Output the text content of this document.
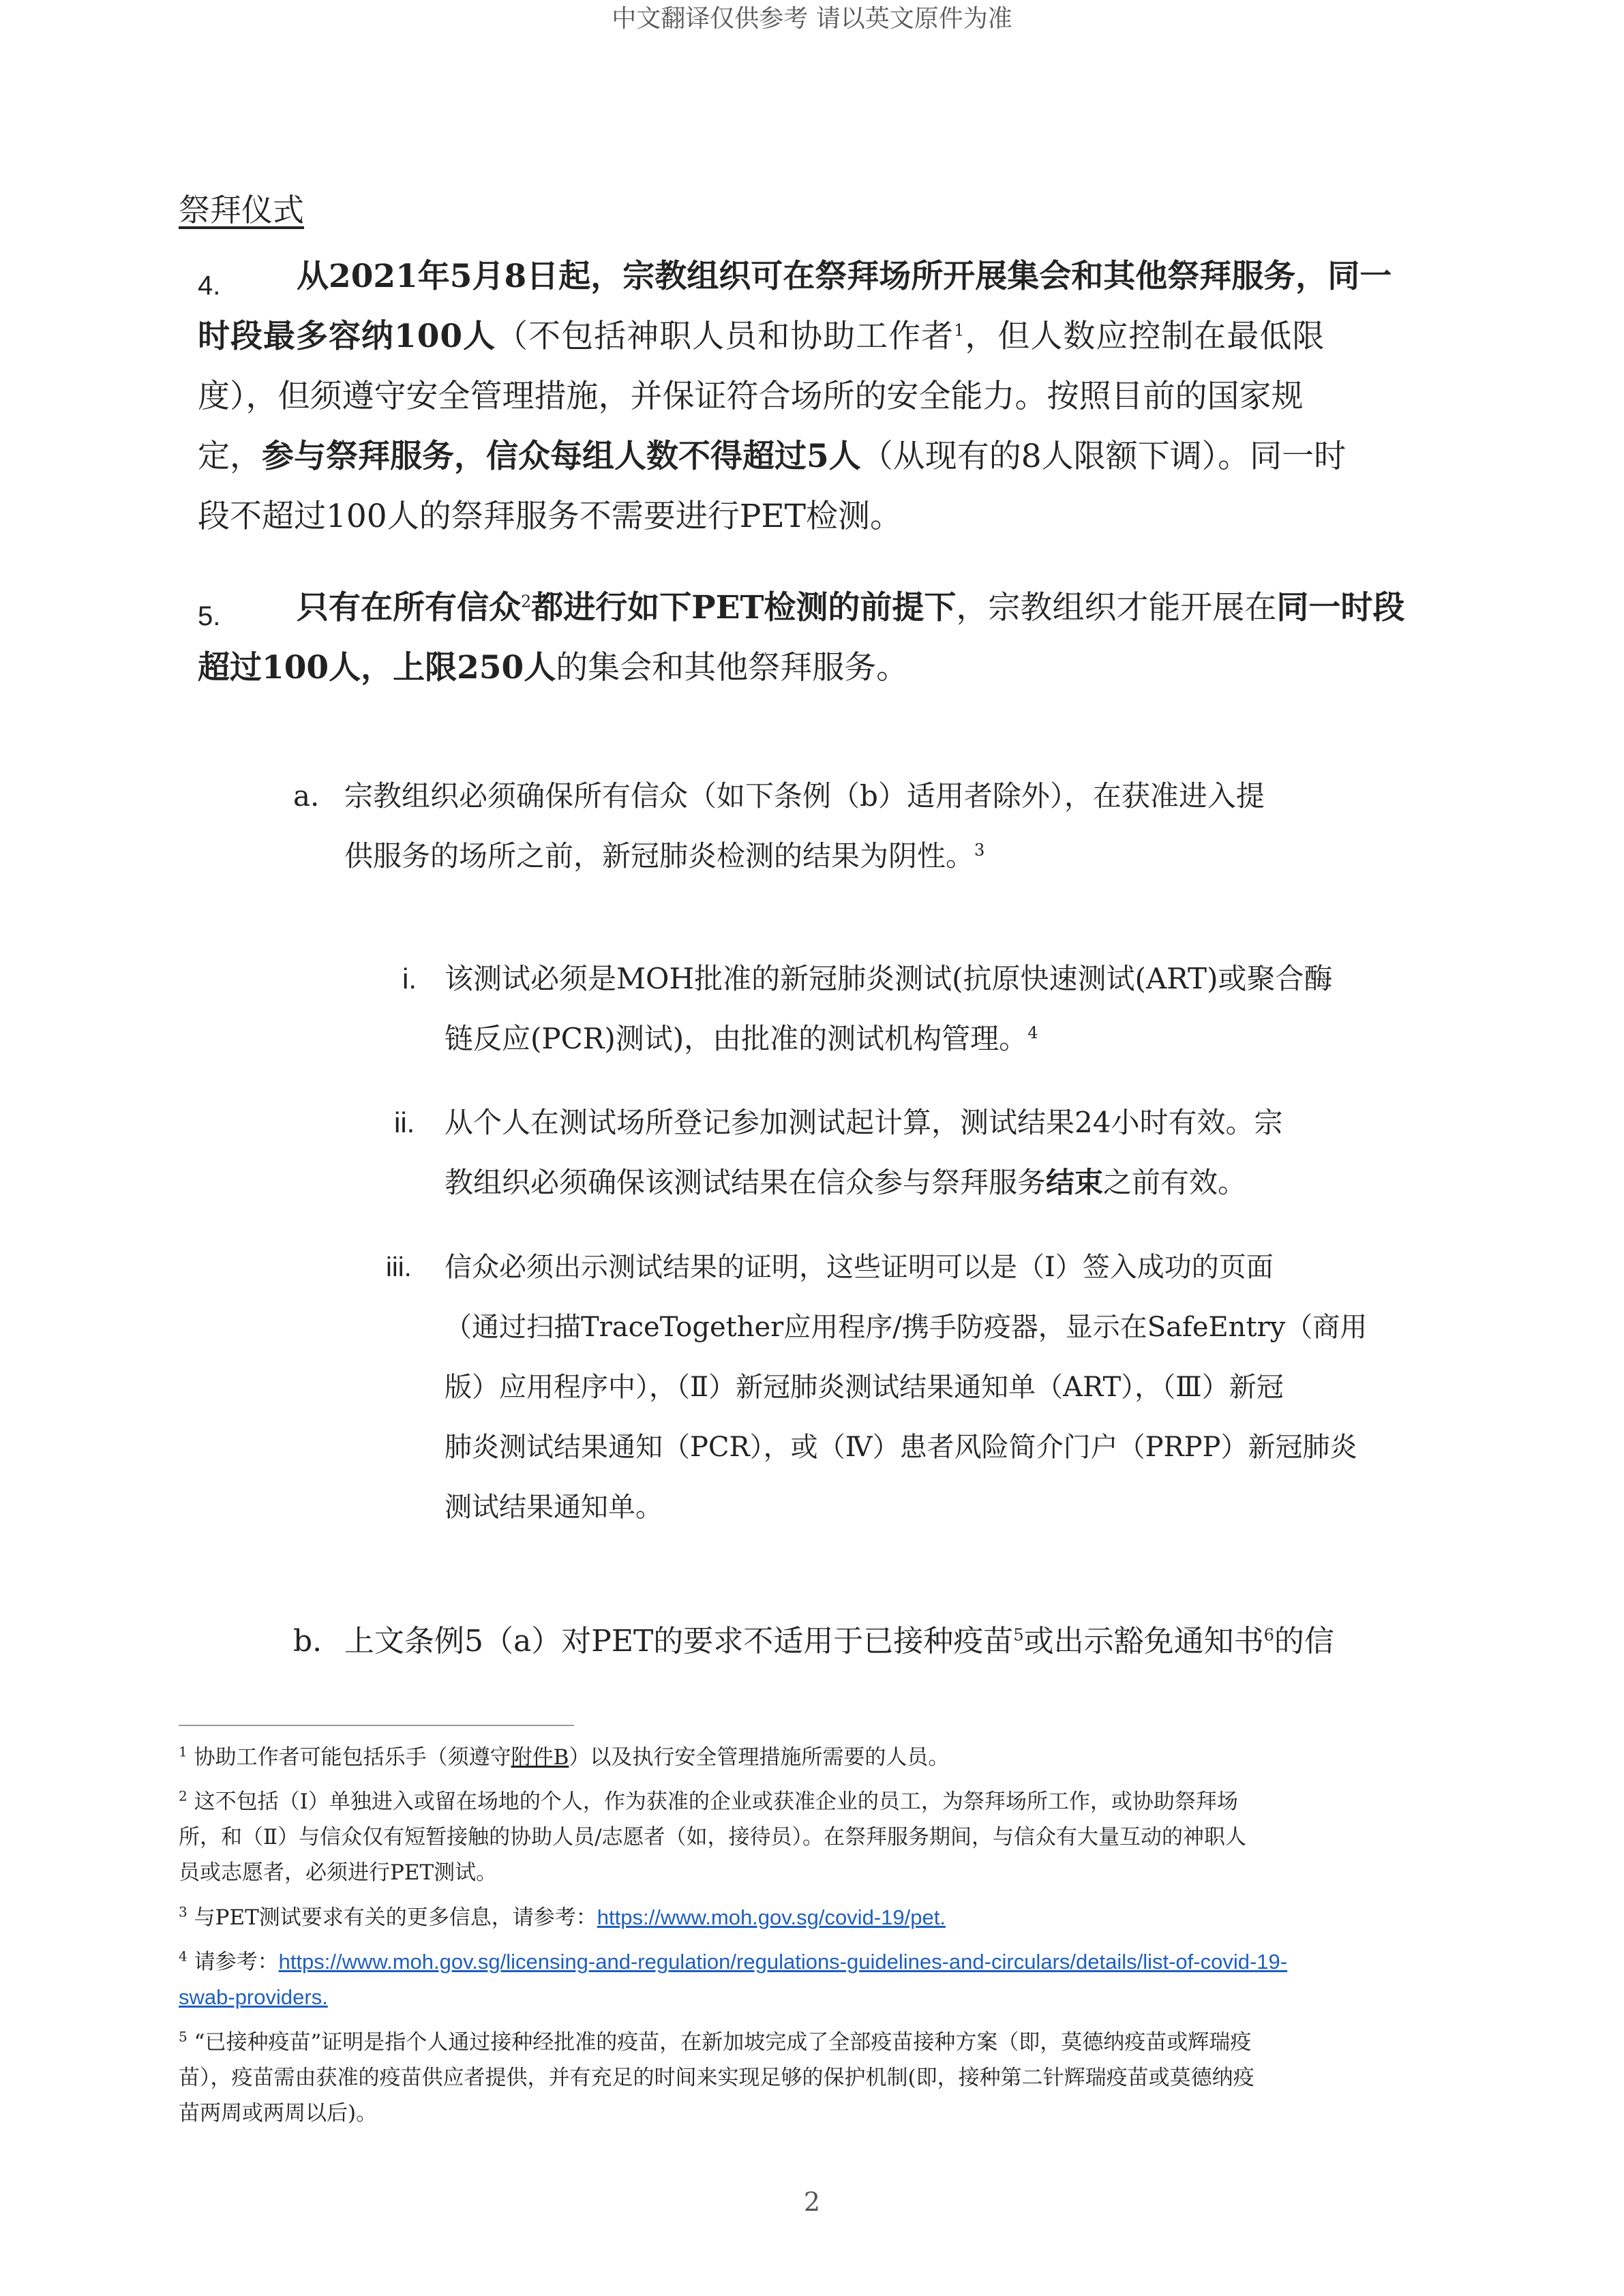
中文翻译仅供参考 请以英文原件为准
祭拜仪式
4. 从2021年5月8日起，宗教组织可在祭拜场所开展集会和其他祭拜服务，同一
时段最多容纳100人（不包括神职人员和协助工作者$^1$，但人数应控制在最低限
度），但须遵守安全管理措施，并保证符合场所的安全能力。按照目前的国家规
定，参与祭拜服务，信众每组人数不得超过5人（从现有的8人限额下调）。同一时
段不超过100人的祭拜服务不需要进行PET检测。
5. 只有在所有信众$^2$都进行如下PET检测的前提下，宗教组织才能开展在同一时段
超过100人，上限250人的集会和其他祭拜服务。
a. 宗教组织必须确保所有信众（如下条例（b）适用者除外），在获准进入提
供服务的场所之前，新冠肺炎检测的结果为阴性。$^3$
i. 该测试必须是MOH批准的新冠肺炎测试(抗原快速测试(ART)或聚合酶
链反应(PCR)测试)，由批准的测试机构管理。$^4$
ii. 从个人在测试场所登记参加测试起计算，测试结果24小时有效。宗
教组织必须确保该测试结果在信众参与祭拜服务结束之前有效。
iii. 信众必须出示测试结果的证明，这些证明可以是（Ⅰ）签入成功的页面
（通过扫描TraceTogether应用程序/携手防疫器，显示在SafeEntry（商用
版）应用程序中），（Ⅱ）新冠肺炎测试结果通知单（ART），（Ⅲ）新冠
肺炎测试结果通知（PCR），或（Ⅳ）患者风险简介门户（PRPP）新冠肺炎
测试结果通知单。
b. 上文条例5（a）对PET的要求不适用于已接种疫苗$^5$或出示豁免通知书$^6$的信
$^1$ 协助工作者可能包括乐手（须遵守附件B）以及执行安全管理措施所需要的人员。
$^2$ 这不包括（Ⅰ）单独进入或留在场地的个人，作为获准的企业或获准企业的员工，为祭拜场所工作，或协助祭拜场
所，和（Ⅱ）与信众仅有短暂接触的协助人员/志愿者（如，接待员）。在祭拜服务期间，与信众有大量互动的神职人
员或志愿者，必须进行PET测试。
$^3$ 与PET测试要求有关的更多信息，请参考：https://www.moh.gov.sg/covid-19/pet.
$^4$ 请参考：https://www.moh.gov.sg/licensing-and-regulation/regulations-guidelines-and-circulars/details/list-of-covid-19-
swab-providers.
$^5$ “已接种疫苗”证明是指个人通过接种经批准的疫苗，在新加坡完成了全部疫苗接种方案（即，莫德纳疫苗或辉瑞疫
苗），疫苗需由获准的疫苗供应者提供，并有充足的时间来实现足够的保护机制(即，接种第二针辉瑞疫苗或莫德纳疫
苗两周或两周以后)。
2
